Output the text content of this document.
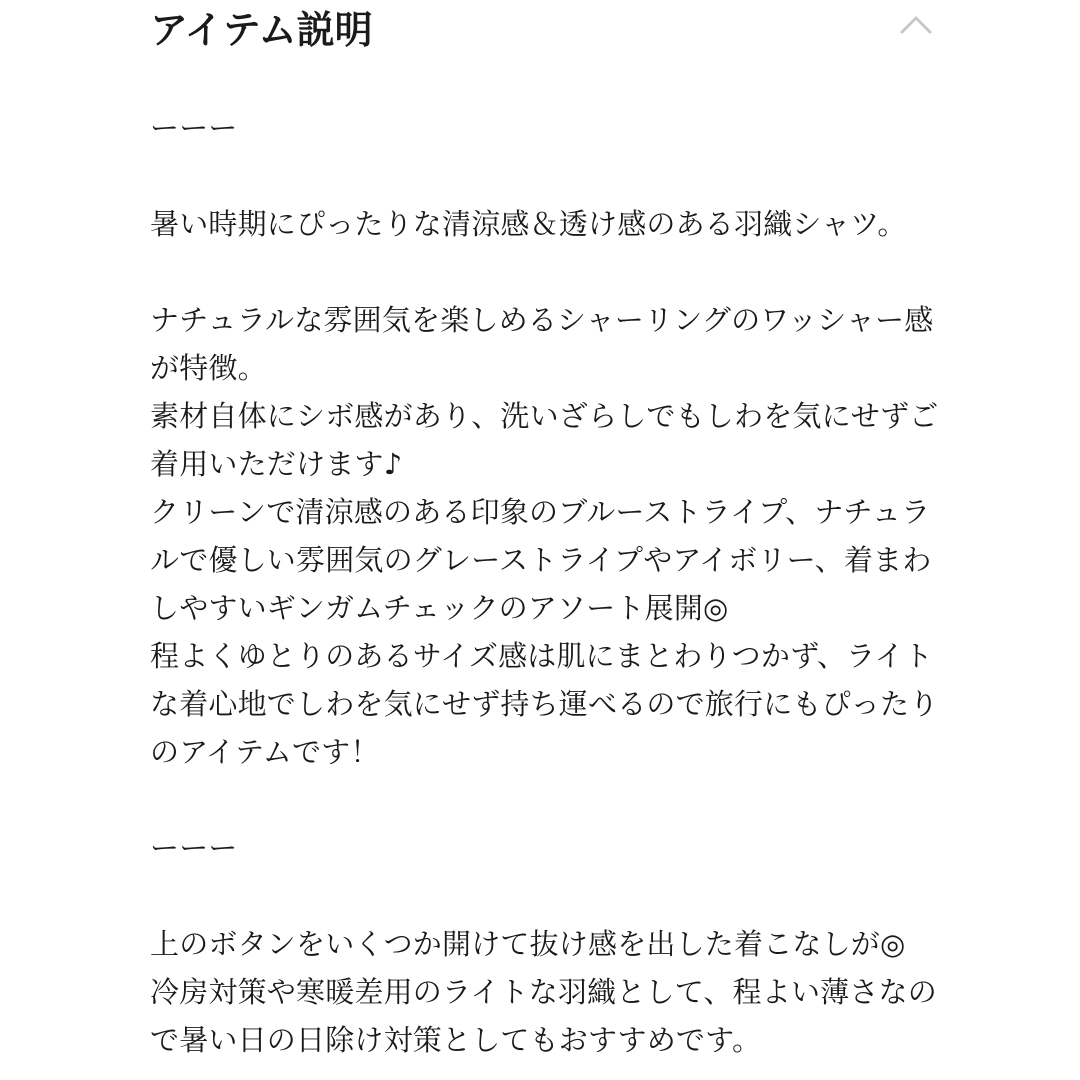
アイテム説明
ーーー

暑い時期にぴったりな清涼感＆透け感のある羽織シャツ。

ナチュラルな雰囲気を楽しめるシャーリングのワッシャー感が特徴。
素材自体にシボ感があり、洗いざらしでもしわを気にせずご着用いただけます♪
クリーンで清涼感のある印象のブルーストライプ、ナチュラルで優しい雰囲気のグレーストライプやアイボリー、着まわしやすいギンガムチェックのアソート展開◎
程よくゆとりのあるサイズ感は肌にまとわりつかず、ライトな着心地でしわを気にせず持ち運べるので旅行にもぴったりのアイテムです！

ーーー

上のボタンをいくつか開けて抜け感を出した着こなしが◎
冷房対策や寒暖差用のライトな羽織として、程よい薄さなので暑い日の日除け対策としてもおすすめです。
